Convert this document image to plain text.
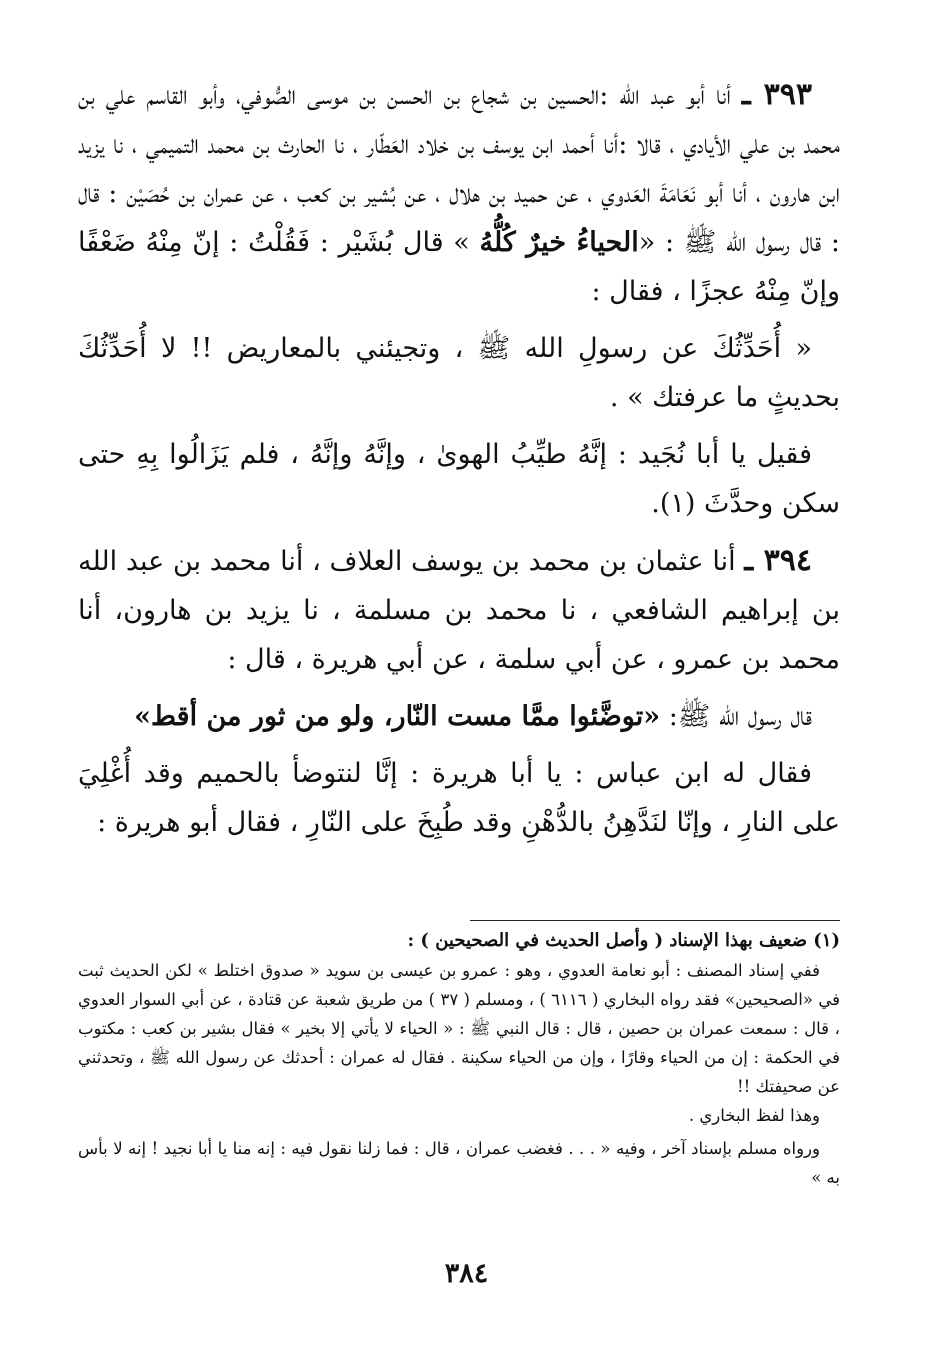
٣٩٣ ـ أنا أبو عبد الله :الحسين بن شجاع بن الحسن بن موسى الصُّوفي، وأبو القاسم علي بن محمد بن علي الأيادي ، قالا :أنا أحمد ابن يوسف بن خلاد العَطّار ، نا الحارث بن محمد التميمي ، نا يزيد ابن هارون ، أنا أبو نَعَامَةَ العَدوي ، عن حميد بن هلال ، عن بُشير بن كعب ، عن عمران بن حُصَيْن : قال : قال رسول الله ﷺ : «الحياءُ خيرٌ كُلُّهُ » قال بُشَيْر : فَقُلْتُ : إنّ مِنْهُ ضَعْفًا وإنّ مِنْهُ عجزًا ، فقال :

« أُحَدِّثُكَ عن رسولِ الله ﷺ ، وتجيئني بالمعاريض !! لا أُحَدِّثُكَ بحديثٍ ما عرفتك » .

فقيل يا أبا نُجَيد : إنَّهُ طيِّبُ الهوىٰ ، وإنَّهُ وإنَّهُ ، فلم يَزَالُوا بِهِ حتى سكن وحدَّثَ (١).

٣٩٤ ـ أنا عثمان بن محمد بن يوسف العلاف ، أنا محمد بن عبد الله بن إبراهيم الشافعي ، نا محمد بن مسلمة ، نا يزيد بن هارون، أنا محمد بن عمرو ، عن أبي سلمة ، عن أبي هريرة ، قال :

قال رسول الله ﷺ: «توضَّئوا ممَّا مست النّار، ولو من ثور من أقط»

فقال له ابن عباس : يا أبا هريرة : إنَّا لنتوضأ بالحميم وقد أُغْلِيَ على النارِ ، وإنّا لنَدَّهِنُ بالدُّهْنِ وقد طُبِخَ على النّارِ ، فقال أبو هريرة :

(١) ضعيف بهذا الإسناد ( وأصل الحديث في الصحيحين ) :

ففي إسناد المصنف : أبو نعامة العدوي ، وهو : عمرو بن عيسى بن سويد « صدوق اختلط » لكن الحديث ثبت في «الصحيحين» فقد رواه البخاري ( ٦١١٦ ) ، ومسلم ( ٣٧ ) من طريق شعبة عن قتادة ، عن أبي السوار العدوي ، قال : سمعت عمران بن حصين ، قال : قال النبي ﷺ : « الحياء لا يأتي إلا بخير » فقال بشير بن كعب : مكتوب في الحكمة : إن من الحياء وقارًا ، وإن من الحياء سكينة . فقال له عمران : أحدثك عن رسول الله ﷺ ، وتحدثني عن صحيفتك !!

وهذا لفظ البخاري .

ورواه مسلم بإسناد آخر ، وفيه « . . . فغضب عمران ، قال : فما زلنا نقول فيه : إنه منا يا أبا نجيد ! إنه لا بأس به »

٣٨٤
